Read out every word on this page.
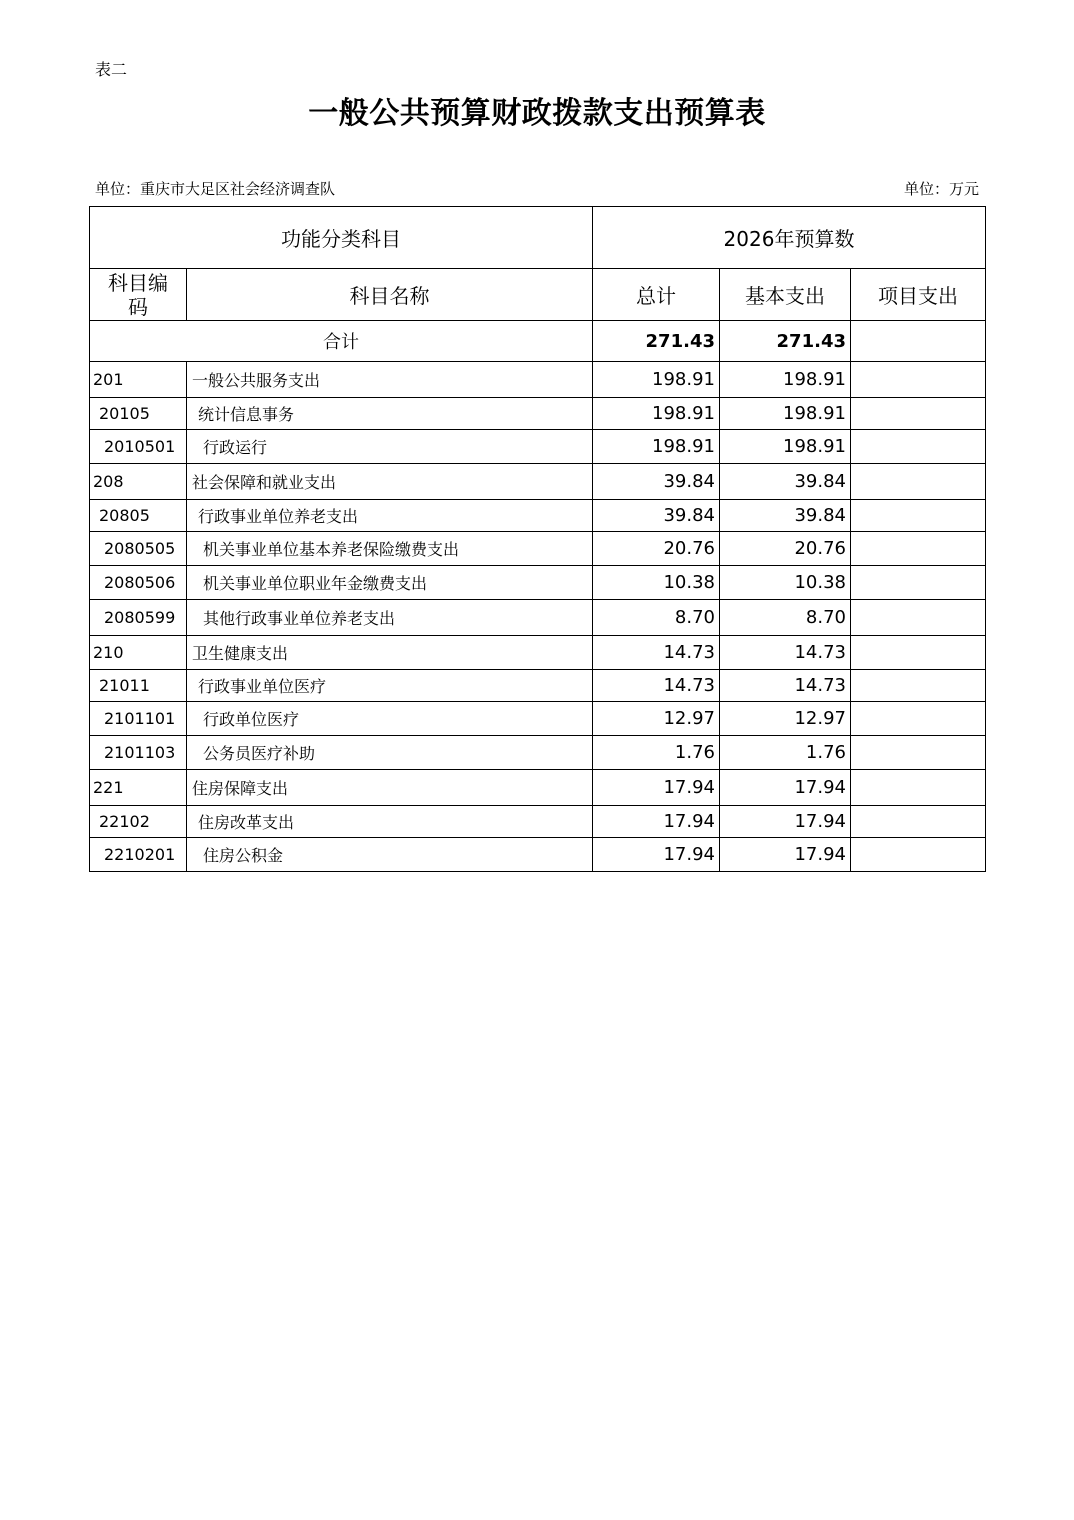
表二
一般公共预算财政拨款支出预算表
单位：重庆市大足区社会经济调查队	单位：万元
功能分类科目		2026年预算数		
科目编码	科目名称	总计	基本支出	项目支出
合计		271.43	271.43	
201	一般公共服务支出	198.91	198.91	
20105	统计信息事务	198.91	198.91	
2010501	行政运行	198.91	198.91	
208	社会保障和就业支出	39.84	39.84	
20805	行政事业单位养老支出	39.84	39.84	
2080505	机关事业单位基本养老保险缴费支出	20.76	20.76	
2080506	机关事业单位职业年金缴费支出	10.38	10.38	
2080599	其他行政事业单位养老支出	8.70	8.70	
210	卫生健康支出	14.73	14.73	
21011	行政事业单位医疗	14.73	14.73	
2101101	行政单位医疗	12.97	12.97	
2101103	公务员医疗补助	1.76	1.76	
221	住房保障支出	17.94	17.94	
22102	住房改革支出	17.94	17.94	
2210201	住房公积金	17.94	17.94	
